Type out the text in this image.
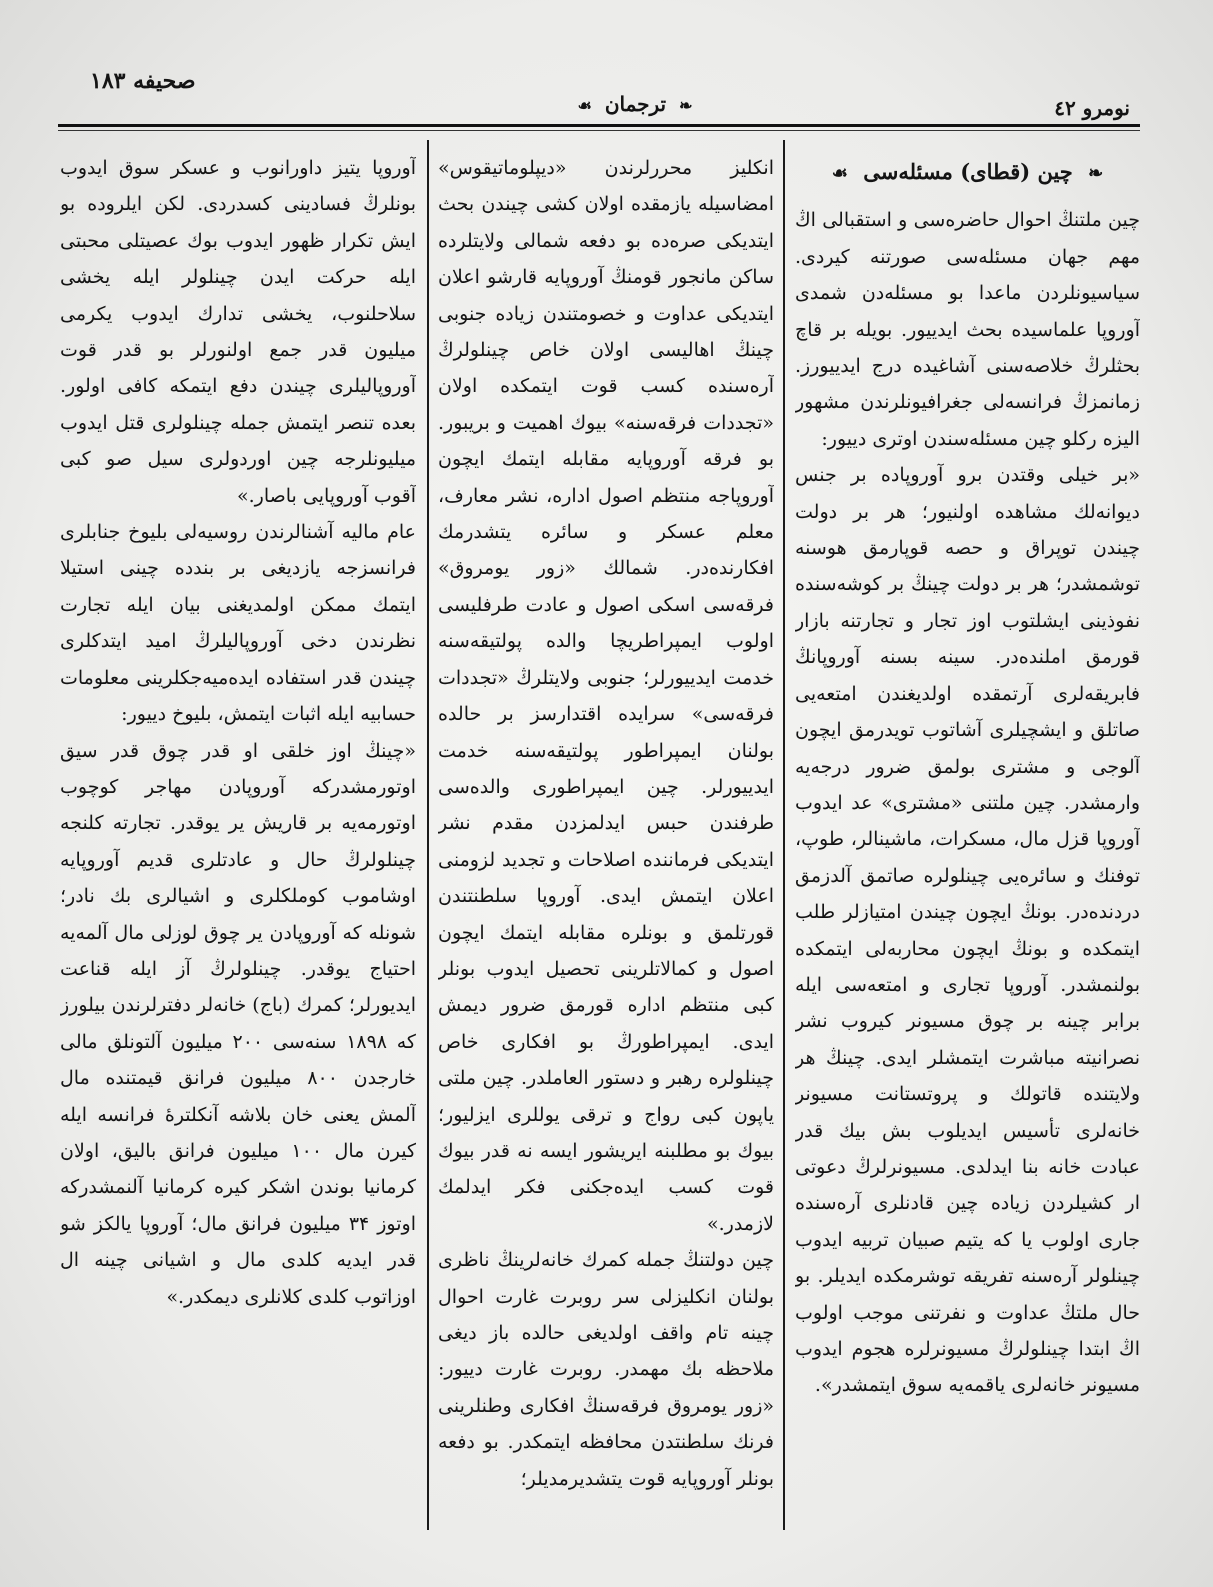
نومرو ٤٢
❧ ترجمان ☙
صحیفه ۱۸۳
❧ چین (قطای) مسئله‌سی ☙

چین ملتنڭ احوال حاضره‌سی و استقبالی اڭ مهم جهان مسئله‌سی صورتنه کیردی. سیاسیونلردن ماعدا بو مسئله‌دن شمدی آوروپا علماسیده بحث ایدییور. بویله بر قاچ بحثلرڭ خلاصه‌سنی آشاغیده درج ایدییورز. زمانمزڭ فرانسه‌لی جغرافیونلرندن مشهور الیزه رکلو چین مسئله‌سندن اوتری دییور:

«بر خیلی وقتدن برو آوروپاده بر جنس دیوانه‌لك مشاهده اولنیور؛ هر بر دولت چیندن توپراق و حصه قوپارمق هوسنه توشمشدر؛ هر بر دولت چینڭ بر کوشه‌سنده نفوذینی ایشلتوب اوز تجار و تجارتنه بازار قورمق املنده‌در. سینه بسنه آوروپانڭ فابریقه‌لری آرتمقده اولدیغندن امتعه‌یی صاتلق و ایشچیلری آشاتوب تویدرمق ایچون آلوجی و مشتری بولمق ضرور درجه‌یه وارمشدر. چین ملتنی «مشتری» عد ایدوب آوروپا قزل مال، مسکرات، ماشینالر، طوپ، توفنك و سائره‌یی چینلولره صاتمق آلدزمق دردنده‌در. بونڭ ایچون چیندن امتیازلر طلب ایتمکده و بونڭ ایچون محاربه‌لی ایتمکده بولنمشدر. آوروپا تجاری و امتعه‌سی ایله برابر چینه بر چوق مسیونر کیروب نشر نصرانیته مباشرت ایتمشلر ایدی. چینڭ هر ولایتنده قاتولك و پروتستانت مسیونر خانه‌لری تأسیس ایدیلوب بش بیك قدر عبادت خانه بنا ایدلدی. مسیونرلرڭ دعوتی ار کشیلردن زیاده چین قادنلری آره‌سنده جاری اولوب یا که یتیم صبیان تربیه ایدوب چینلولر آره‌سنه تفریقه توشرمکده ایدیلر. بو حال ملتڭ عداوت و نفرتنی موجب اولوب اڭ ابتدا چینلولرڭ مسیونرلره هجوم ایدوب مسیونر خانه‌لری یاقمه‌یه سوق ایتمشدر».

انکلیز محررلرندن «دیپلوماتیقوس» امضاسیله یازمقده اولان کشی چیندن بحث ایتدیکی صره‌ده بو دفعه شمالی ولایتلرده ساکن مانجور قومنڭ آوروپایه قارشو اعلان ایتدیکی عداوت و خصومتندن زیاده جنوبی چینڭ اهالیسی اولان خاص چینلولرڭ آره‌سنده کسب قوت ایتمکده اولان «تجددات فرقه‌سنه» بیوك اهمیت و بریبور. بو فرقه آوروپایه مقابله ایتمك ایچون آوروپاجه منتظم اصول اداره، نشر معارف، معلم عسکر و سائره یتشدرمك افکارنده‌در. شمالك «زور یومروق» فرقه‌سی اسکی اصول و عادت طرفلیسی اولوب ایمپراطریچا والده پولتیقه‌سنه خدمت ایدییورلر؛ جنوبی ولایتلرڭ «تجددات فرقه‌سی» سرایده اقتدارسز بر حالده بولنان ایمپراطور پولتیقه‌سنه خدمت ایدییورلر. چین ایمپراطوری والده‌سی طرفندن حبس ایدلمزدن مقدم نشر ایتدیکی فرماننده اصلاحات و تجدید لزومنی اعلان ایتمش ایدی. آوروپا سلطنتندن قورتلمق و بونلره مقابله ایتمك ایچون اصول و کمالاتلرینی تحصیل ایدوب بونلر کبی منتظم اداره قورمق ضرور دیمش ایدی. ایمپراطورڭ بو افکاری خاص چینلولره رهبر و دستور العاملدر. چین ملتی یاپون کبی رواج و ترقی یوللری ایزلیور؛ بیوك بو مطلبنه ایریشور ایسه نه قدر بیوك قوت کسب ایده‌جکنی فکر ایدلمك لازمدر.»

چین دولتنڭ جمله کمرك خانه‌لرینڭ ناظری بولنان انکلیزلی سر روبرت غارت احوال چینه تام واقف اولدیغی حالده باز دیغی ملاحظه بك مهمدر. روبرت غارت دییور: «زور یومروق فرقه‌سنڭ افکاری وطنلرینی فرنك سلطنتدن محافظه ایتمکدر. بو دفعه بونلر آوروپایه قوت یتشدیرمدیلر؛

آوروپا یتیز داورانوب و عسکر سوق ایدوب بونلرڭ فسادینی کسدردی. لکن ایلروده بو ایش تکرار ظهور ایدوب بوك عصیتلی محبتی ایله حرکت ایدن چینلولر ایله یخشی سلاحلنوب، یخشی تدارك ایدوب یکرمی میلیون قدر جمع اولنورلر بو قدر قوت آوروپالیلری چیندن دفع ایتمکه کافی اولور. بعده تنصر ایتمش جمله چینلولری قتل ایدوب میلیونلرجه چین اوردولری سیل صو کبی آقوب آوروپایی باصار.»

عام مالیه آشنالرندن روسیه‌لی بلیوخ جنابلری فرانسزجه یازدیغی بر بندده چینی استیلا ایتمك ممکن اولمدیغنی بیان ایله تجارت نظرندن دخی آوروپالیلرڭ امید ایتدکلری چیندن قدر استفاده ایده‌میه‌جکلرینی معلومات حسابیه ایله اثبات ایتمش، بلیوخ دییور:

«چینڭ اوز خلقی او قدر چوق قدر سیق اوتورمشدرکه آوروپادن مهاجر کوچوب اوتورمه‌یه بر قاریش یر یوقدر. تجارته کلنجه چینلولرڭ حال و عادتلری قدیم آوروپایه اوشاموب کوملکلری و اشیالری بك نادر؛ شونله که آوروپادن یر چوق لوزلی مال آلمه‌یه احتیاج یوقدر. چینلولرڭ آز ایله قناعت ایدیورلر؛ کمرك (باج) خانه‌لر دفترلرندن بیلورز که ۱۸۹۸ سنه‌سی ۲۰۰ میلیون آلتونلق مالی خارجدن ۸۰۰ میلیون فرانق قیمتنده مال آلمش یعنی خان بلاشه آنکلترهٔ فرانسه ایله کیرن مال ۱۰۰ میلیون فرانق بالیق، اولان کرمانیا بوندن اشکر کیره کرمانیا آلنمشدرکه اوتوز ۳۴ میلیون فرانق مال؛ آوروپا یالکز شو قدر ایدیه کلدی مال و اشیانی چینه ال اوزاتوب کلدی کلانلری دیمکدر.»
